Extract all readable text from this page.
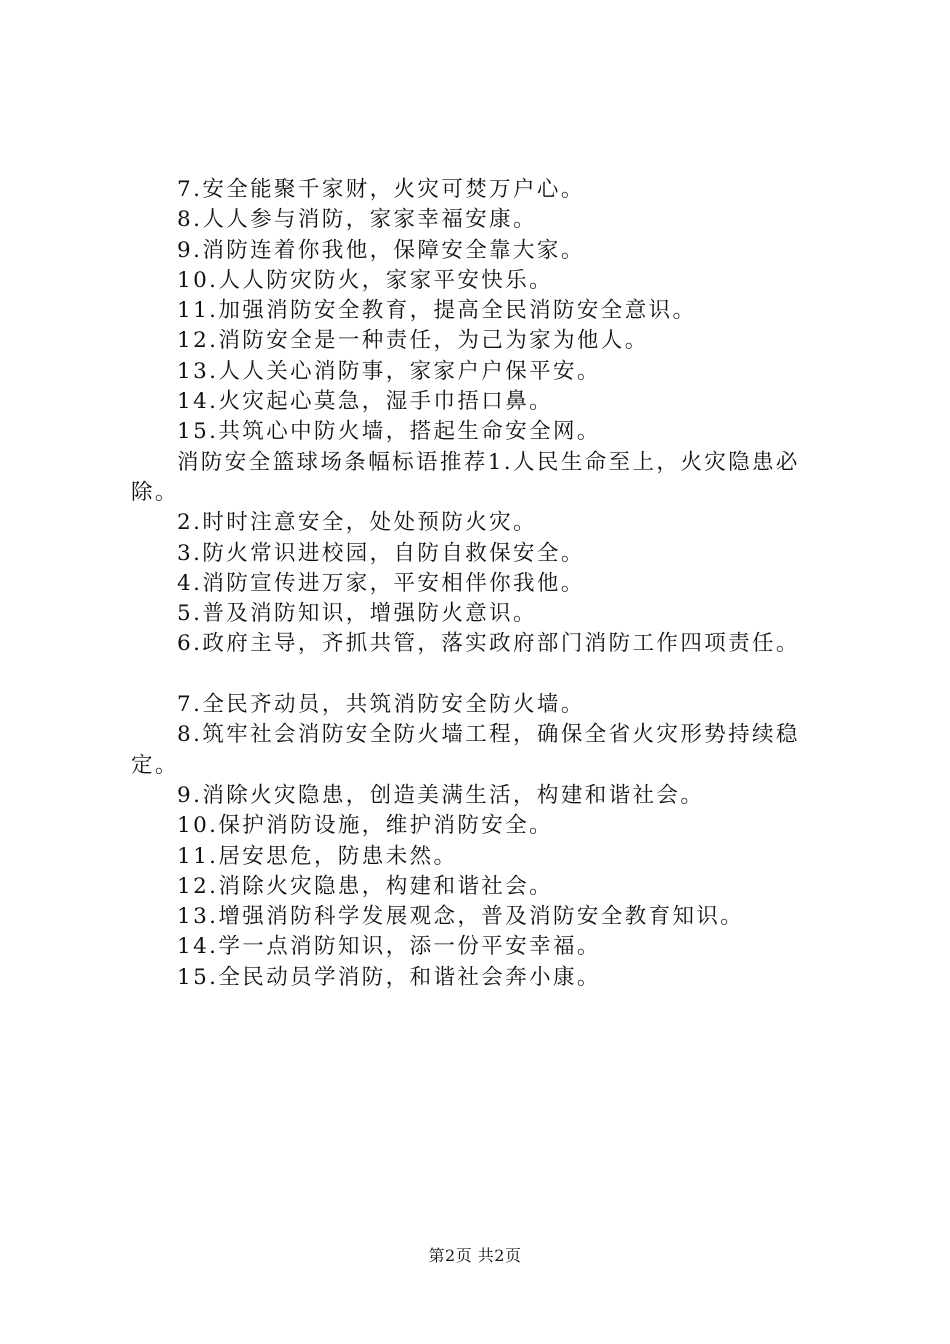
7.安全能聚千家财，火灾可焚万户心。

8.人人参与消防，家家幸福安康。

9.消防连着你我他，保障安全靠大家。

10.人人防灾防火，家家平安快乐。

11.加强消防安全教育，提高全民消防安全意识。

12.消防安全是一种责任，为己为家为他人。

13.人人关心消防事，家家户户保平安。

14.火灾起心莫急，湿手巾捂口鼻。

15.共筑心中防火墙，搭起生命安全网。

消防安全篮球场条幅标语推荐1.人民生命至上，火灾隐患必除。

2.时时注意安全，处处预防火灾。

3.防火常识进校园，自防自救保安全。

4.消防宣传进万家，平安相伴你我他。

5.普及消防知识，增强防火意识。

6.政府主导，齐抓共管，落实政府部门消防工作四项责任。

7.全民齐动员，共筑消防安全防火墙。

8.筑牢社会消防安全防火墙工程，确保全省火灾形势持续稳定。

9.消除火灾隐患，创造美满生活，构建和谐社会。

10.保护消防设施，维护消防安全。

11.居安思危，防患未然。

12.消除火灾隐患，构建和谐社会。

13.增强消防科学发展观念，普及消防安全教育知识。

14.学一点消防知识，添一份平安幸福。

15.全民动员学消防，和谐社会奔小康。

第2页 共2页
